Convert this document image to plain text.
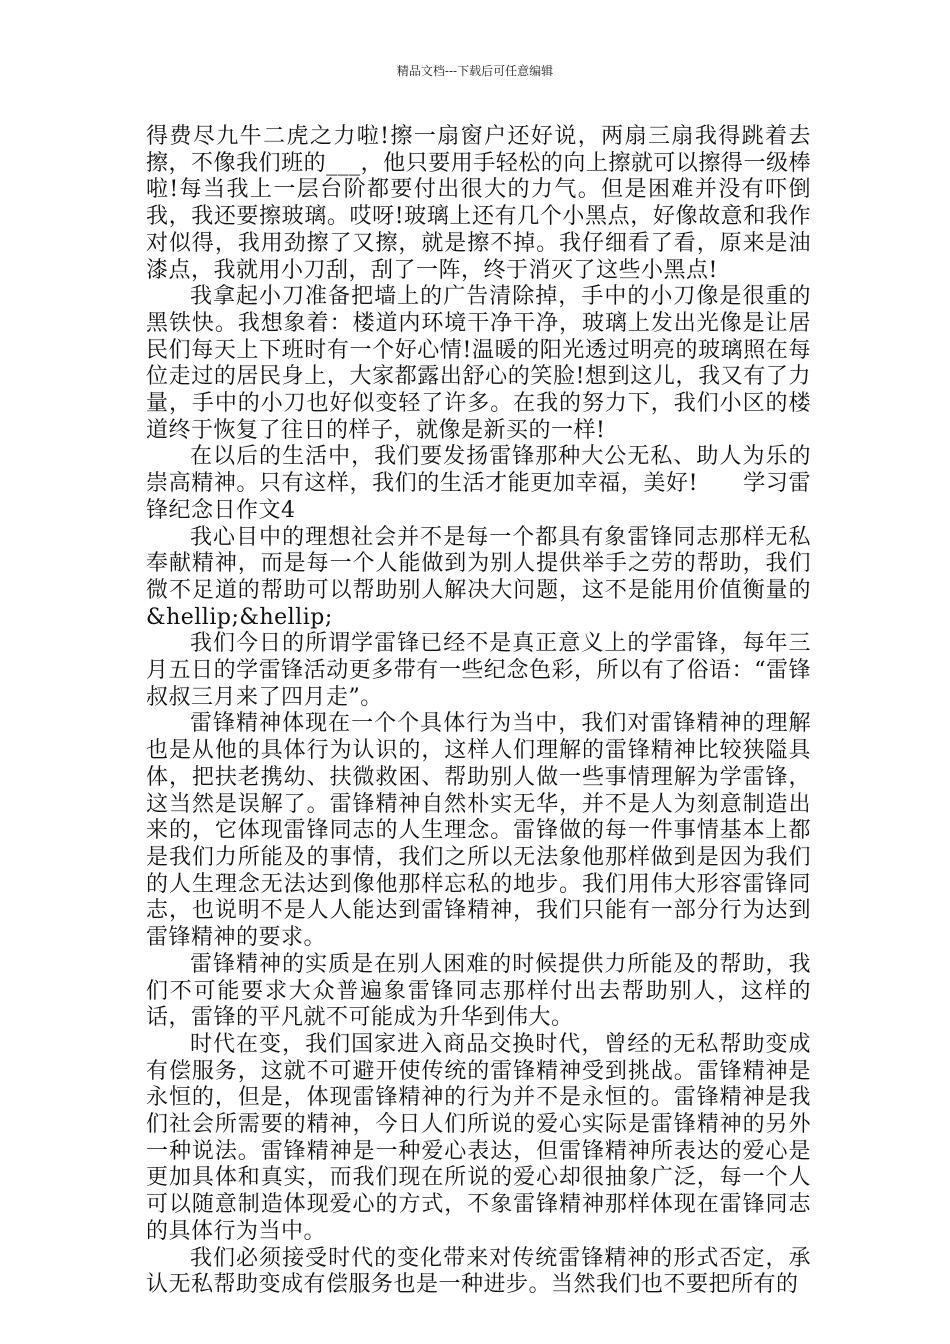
精品文档---下载后可任意编辑

得费尽九牛二虎之力啦!擦一扇窗户还好说，两扇三扇我得跳着去擦，不像我们班的___，他只要用手轻松的向上擦就可以擦得一级棒啦!每当我上一层台阶都要付出很大的力气。但是困难并没有吓倒我，我还要擦玻璃。哎呀!玻璃上还有几个小黑点，好像故意和我作对似得，我用劲擦了又擦，就是擦不掉。我仔细看了看，原来是油漆点，我就用小刀刮，刮了一阵，终于消灭了这些小黑点!

我拿起小刀准备把墙上的广告清除掉，手中的小刀像是很重的黑铁快。我想象着：楼道内环境干净干净，玻璃上发出光像是让居民们每天上下班时有一个好心情!温暖的阳光透过明亮的玻璃照在每位走过的居民身上，大家都露出舒心的笑脸!想到这儿，我又有了力量，手中的小刀也好似变轻了许多。在我的努力下，我们小区的楼道终于恢复了往日的样子，就像是新买的一样!

在以后的生活中，我们要发扬雷锋那种大公无私、助人为乐的崇高精神。只有这样，我们的生活才能更加幸福，美好!　　学习雷锋纪念日作文4

我心目中的理想社会并不是每一个都具有象雷锋同志那样无私奉献精神，而是每一个人能做到为别人提供举手之劳的帮助，我们微不足道的帮助可以帮助别人解决大问题，这不是能用价值衡量的&hellip;&hellip;

我们今日的所谓学雷锋已经不是真正意义上的学雷锋，每年三月五日的学雷锋活动更多带有一些纪念色彩，所以有了俗语：“雷锋叔叔三月来了四月走”。

雷锋精神体现在一个个具体行为当中，我们对雷锋精神的理解也是从他的具体行为认识的，这样人们理解的雷锋精神比较狭隘具体，把扶老携幼、扶微救困、帮助别人做一些事情理解为学雷锋，这当然是误解了。雷锋精神自然朴实无华，并不是人为刻意制造出来的，它体现雷锋同志的人生理念。雷锋做的每一件事情基本上都是我们力所能及的事情，我们之所以无法象他那样做到是因为我们的人生理念无法达到像他那样忘私的地步。我们用伟大形容雷锋同志，也说明不是人人能达到雷锋精神，我们只能有一部分行为达到雷锋精神的要求。

雷锋精神的实质是在别人困难的时候提供力所能及的帮助，我们不可能要求大众普遍象雷锋同志那样付出去帮助别人，这样的话，雷锋的平凡就不可能成为升华到伟大。

时代在变，我们国家进入商品交换时代，曾经的无私帮助变成有偿服务，这就不可避开使传统的雷锋精神受到挑战。雷锋精神是永恒的，但是，体现雷锋精神的行为并不是永恒的。雷锋精神是我们社会所需要的精神，今日人们所说的爱心实际是雷锋精神的另外一种说法。雷锋精神是一种爱心表达，但雷锋精神所表达的爱心是更加具体和真实，而我们现在所说的爱心却很抽象广泛，每一个人可以随意制造体现爱心的方式，不象雷锋精神那样体现在雷锋同志的具体行为当中。

我们必须接受时代的变化带来对传统雷锋精神的形式否定，承认无私帮助变成有偿服务也是一种进步。当然我们也不要把所有的
